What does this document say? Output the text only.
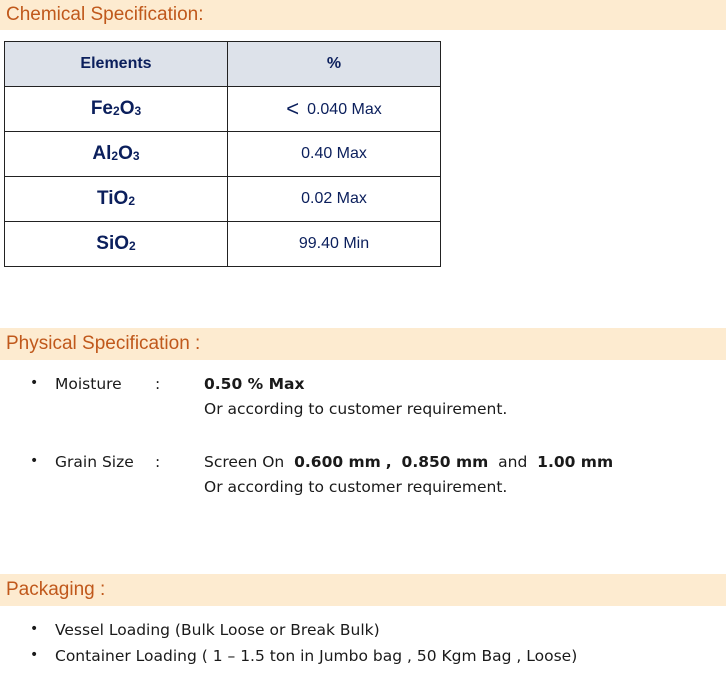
Chemical Specification:
Elements	%
$Fe_2O_3$	< 0.040 Max
$Al_2O_3$	0.40 Max
TiO$_2$	0.02 Max
SiO$_2$	99.40 Min
Physical Specification :
• Moisture :	0.50 % Max
Or according to customer requirement.
• Grain Size :	Screen On 0.600 mm , 0.850 mm and 1.00 mm
Or according to customer requirement.
Packaging :
• Vessel Loading (Bulk Loose or Break Bulk)
• Container Loading ( 1 – 1.5 ton in Jumbo bag , 50 Kgm Bag , Loose)
